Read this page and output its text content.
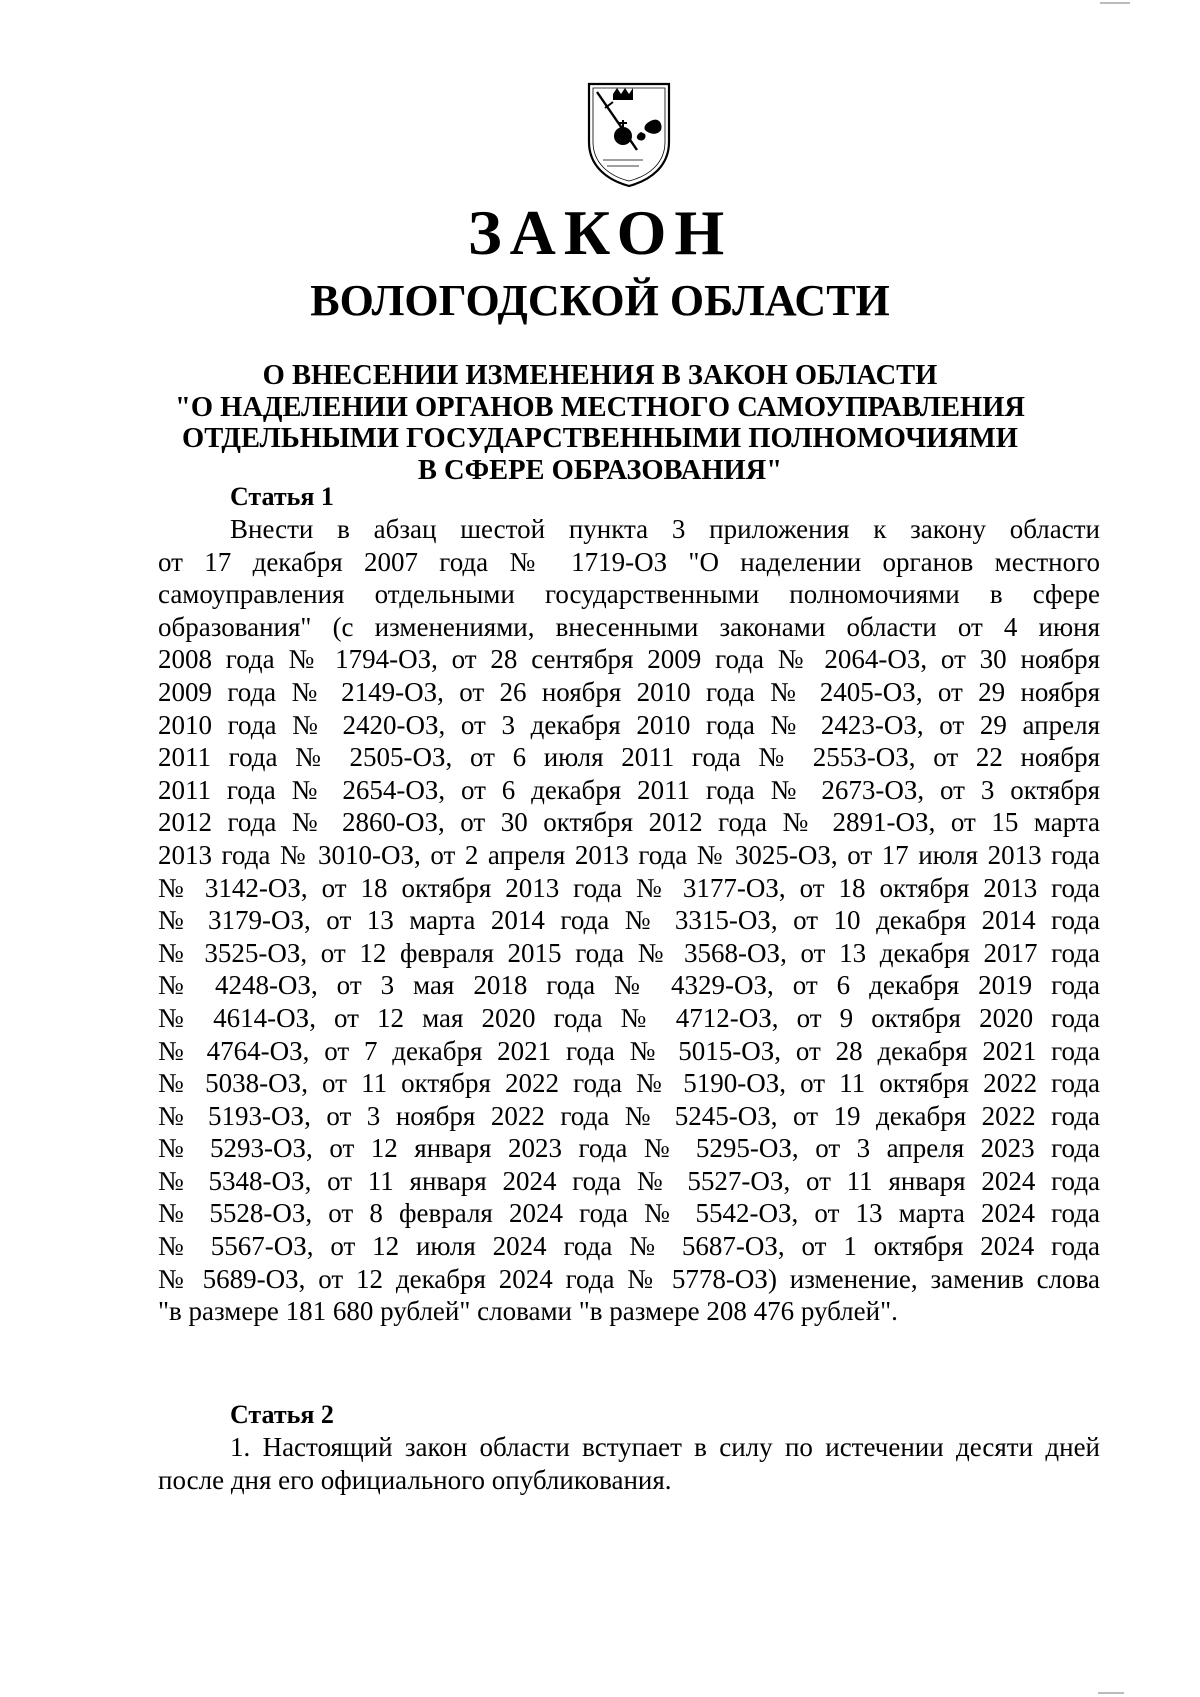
ЗАКОН
ВОЛОГОДСКОЙ ОБЛАСТИ
О ВНЕСЕНИИ ИЗМЕНЕНИЯ В ЗАКОН ОБЛАСТИ
"О НАДЕЛЕНИИ ОРГАНОВ МЕСТНОГО САМОУПРАВЛЕНИЯ
ОТДЕЛЬНЫМИ ГОСУДАРСТВЕННЫМИ ПОЛНОМОЧИЯМИ
В СФЕРЕ ОБРАЗОВАНИЯ"
Статья 1
Внести в абзац шестой пункта 3 приложения к закону области
от 17 декабря 2007 года № 1719-ОЗ "О наделении органов местного
самоуправления отдельными государственными полномочиями в сфере
образования" (с изменениями, внесенными законами области от 4 июня
2008 года № 1794-ОЗ, от 28 сентября 2009 года № 2064-ОЗ, от 30 ноября
2009 года № 2149-ОЗ, от 26 ноября 2010 года № 2405-ОЗ, от 29 ноября
2010 года № 2420-ОЗ, от 3 декабря 2010 года № 2423-ОЗ, от 29 апреля
2011 года № 2505-ОЗ, от 6 июля 2011 года № 2553-ОЗ, от 22 ноября
2011 года № 2654-ОЗ, от 6 декабря 2011 года № 2673-ОЗ, от 3 октября
2012 года № 2860-ОЗ, от 30 октября 2012 года № 2891-ОЗ, от 15 марта
2013 года № 3010-ОЗ, от 2 апреля 2013 года № 3025-ОЗ, от 17 июля 2013 года
№ 3142-ОЗ, от 18 октября 2013 года № 3177-ОЗ, от 18 октября 2013 года
№ 3179-ОЗ, от 13 марта 2014 года № 3315-ОЗ, от 10 декабря 2014 года
№ 3525-ОЗ, от 12 февраля 2015 года № 3568-ОЗ, от 13 декабря 2017 года
№ 4248-ОЗ, от 3 мая 2018 года № 4329-ОЗ, от 6 декабря 2019 года
№ 4614-ОЗ, от 12 мая 2020 года № 4712-ОЗ, от 9 октября 2020 года
№ 4764-ОЗ, от 7 декабря 2021 года № 5015-ОЗ, от 28 декабря 2021 года
№ 5038-ОЗ, от 11 октября 2022 года № 5190-ОЗ, от 11 октября 2022 года
№ 5193-ОЗ, от 3 ноября 2022 года № 5245-ОЗ, от 19 декабря 2022 года
№ 5293-ОЗ, от 12 января 2023 года № 5295-ОЗ, от 3 апреля 2023 года
№ 5348-ОЗ, от 11 января 2024 года № 5527-ОЗ, от 11 января 2024 года
№ 5528-ОЗ, от 8 февраля 2024 года № 5542-ОЗ, от 13 марта 2024 года
№ 5567-ОЗ, от 12 июля 2024 года № 5687-ОЗ, от 1 октября 2024 года
№ 5689-ОЗ, от 12 декабря 2024 года № 5778-ОЗ) изменение, заменив слова
"в размере 181 680 рублей" словами "в размере 208 476 рублей".
Статья 2
1. Настоящий закон области вступает в силу по истечении десяти дней
после дня его официального опубликования.
